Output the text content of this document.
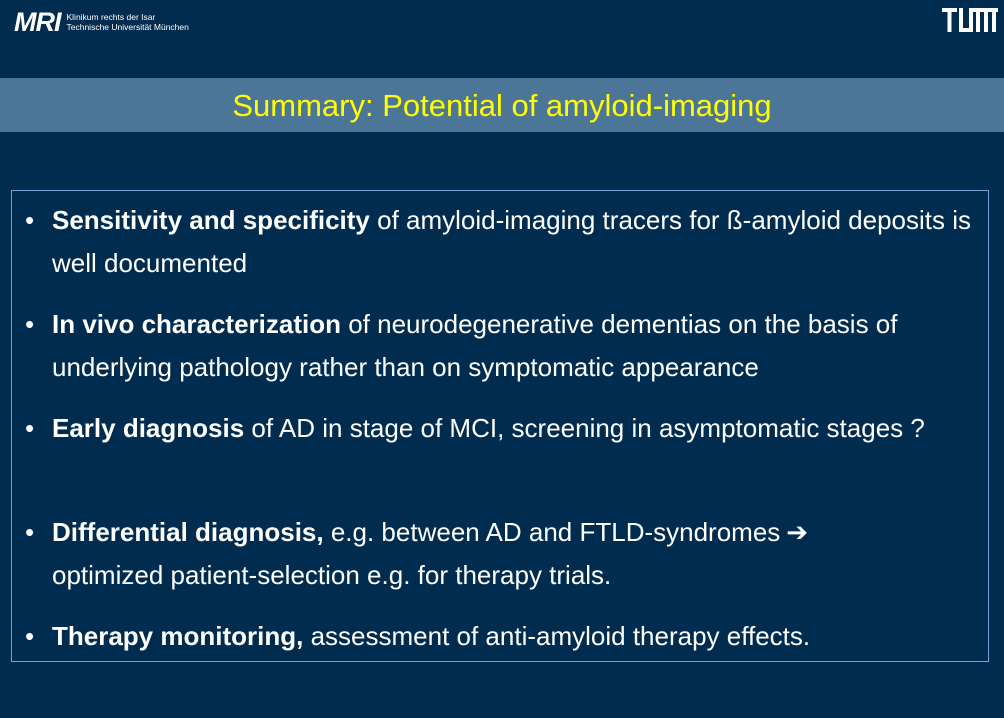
MRI Klinikum rechts der Isar
Technische Universität München
Summary: Potential of amyloid-imaging
• Sensitivity and specificity of amyloid-imaging tracers for ß-amyloid deposits is well documented
• In vivo characterization of neurodegenerative dementias on the basis of underlying pathology rather than on symptomatic appearance
• Early diagnosis of AD in stage of MCI, screening in asymptomatic stages ?
• Differential diagnosis, e.g. between AD and FTLD-syndromes ➔
optimized patient-selection e.g. for therapy trials.
• Therapy monitoring, assessment of anti-amyloid therapy effects.
